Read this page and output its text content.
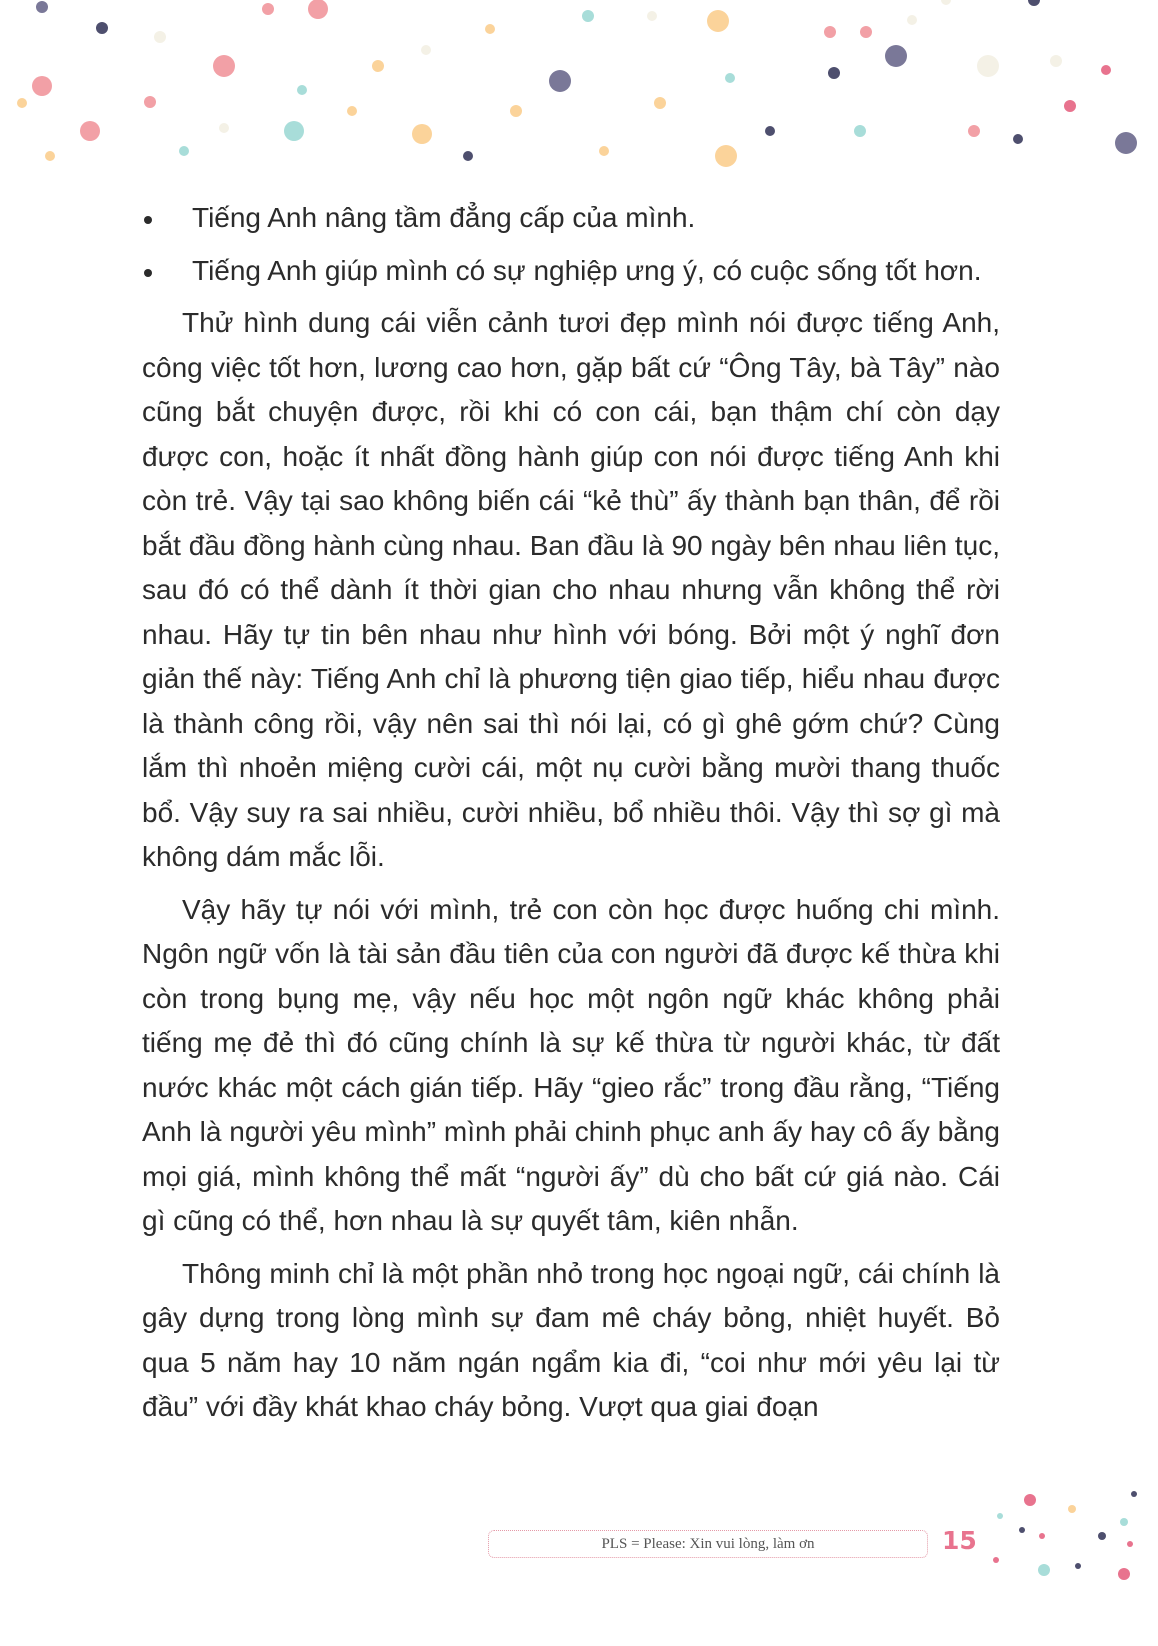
Tiếng Anh nâng tầm đẳng cấp của mình.
Tiếng Anh giúp mình có sự nghiệp ưng ý, có cuộc sống tốt hơn.

Thử hình dung cái viễn cảnh tươi đẹp mình nói được tiếng Anh, công việc tốt hơn, lương cao hơn, gặp bất cứ “Ông Tây, bà Tây” nào cũng bắt chuyện được, rồi khi có con cái, bạn thậm chí còn dạy được con, hoặc ít nhất đồng hành giúp con nói được tiếng Anh khi còn trẻ. Vậy tại sao không biến cái “kẻ thù” ấy thành bạn thân, để rồi bắt đầu đồng hành cùng nhau. Ban đầu là 90 ngày bên nhau liên tục, sau đó có thể dành ít thời gian cho nhau nhưng vẫn không thể rời nhau. Hãy tự tin bên nhau như hình với bóng. Bởi một ý nghĩ đơn giản thế này: Tiếng Anh chỉ là phương tiện giao tiếp, hiểu nhau được là thành công rồi, vậy nên sai thì nói lại, có gì ghê gớm chứ? Cùng lắm thì nhoẻn miệng cười cái, một nụ cười bằng mười thang thuốc bổ. Vậy suy ra sai nhiều, cười nhiều, bổ nhiều thôi. Vậy thì sợ gì mà không dám mắc lỗi.

Vậy hãy tự nói với mình, trẻ con còn học được huống chi mình. Ngôn ngữ vốn là tài sản đầu tiên của con người đã được kế thừa khi còn trong bụng mẹ, vậy nếu học một ngôn ngữ khác không phải tiếng mẹ đẻ thì đó cũng chính là sự kế thừa từ người khác, từ đất nước khác một cách gián tiếp. Hãy “gieo rắc” trong đầu rằng, “Tiếng Anh là người yêu mình” mình phải chinh phục anh ấy hay cô ấy bằng mọi giá, mình không thể mất “người ấy” dù cho bất cứ giá nào. Cái gì cũng có thể, hơn nhau là sự quyết tâm, kiên nhẫn.

Thông minh chỉ là một phần nhỏ trong học ngoại ngữ, cái chính là gây dựng trong lòng mình sự đam mê cháy bỏng, nhiệt huyết. Bỏ qua 5 năm hay 10 năm ngán ngẩm kia đi, “coi như mới yêu lại từ đầu” với đầy khát khao cháy bỏng. Vượt qua giai đoạn

PLS = Please: Xin vui lòng, làm ơn	15
